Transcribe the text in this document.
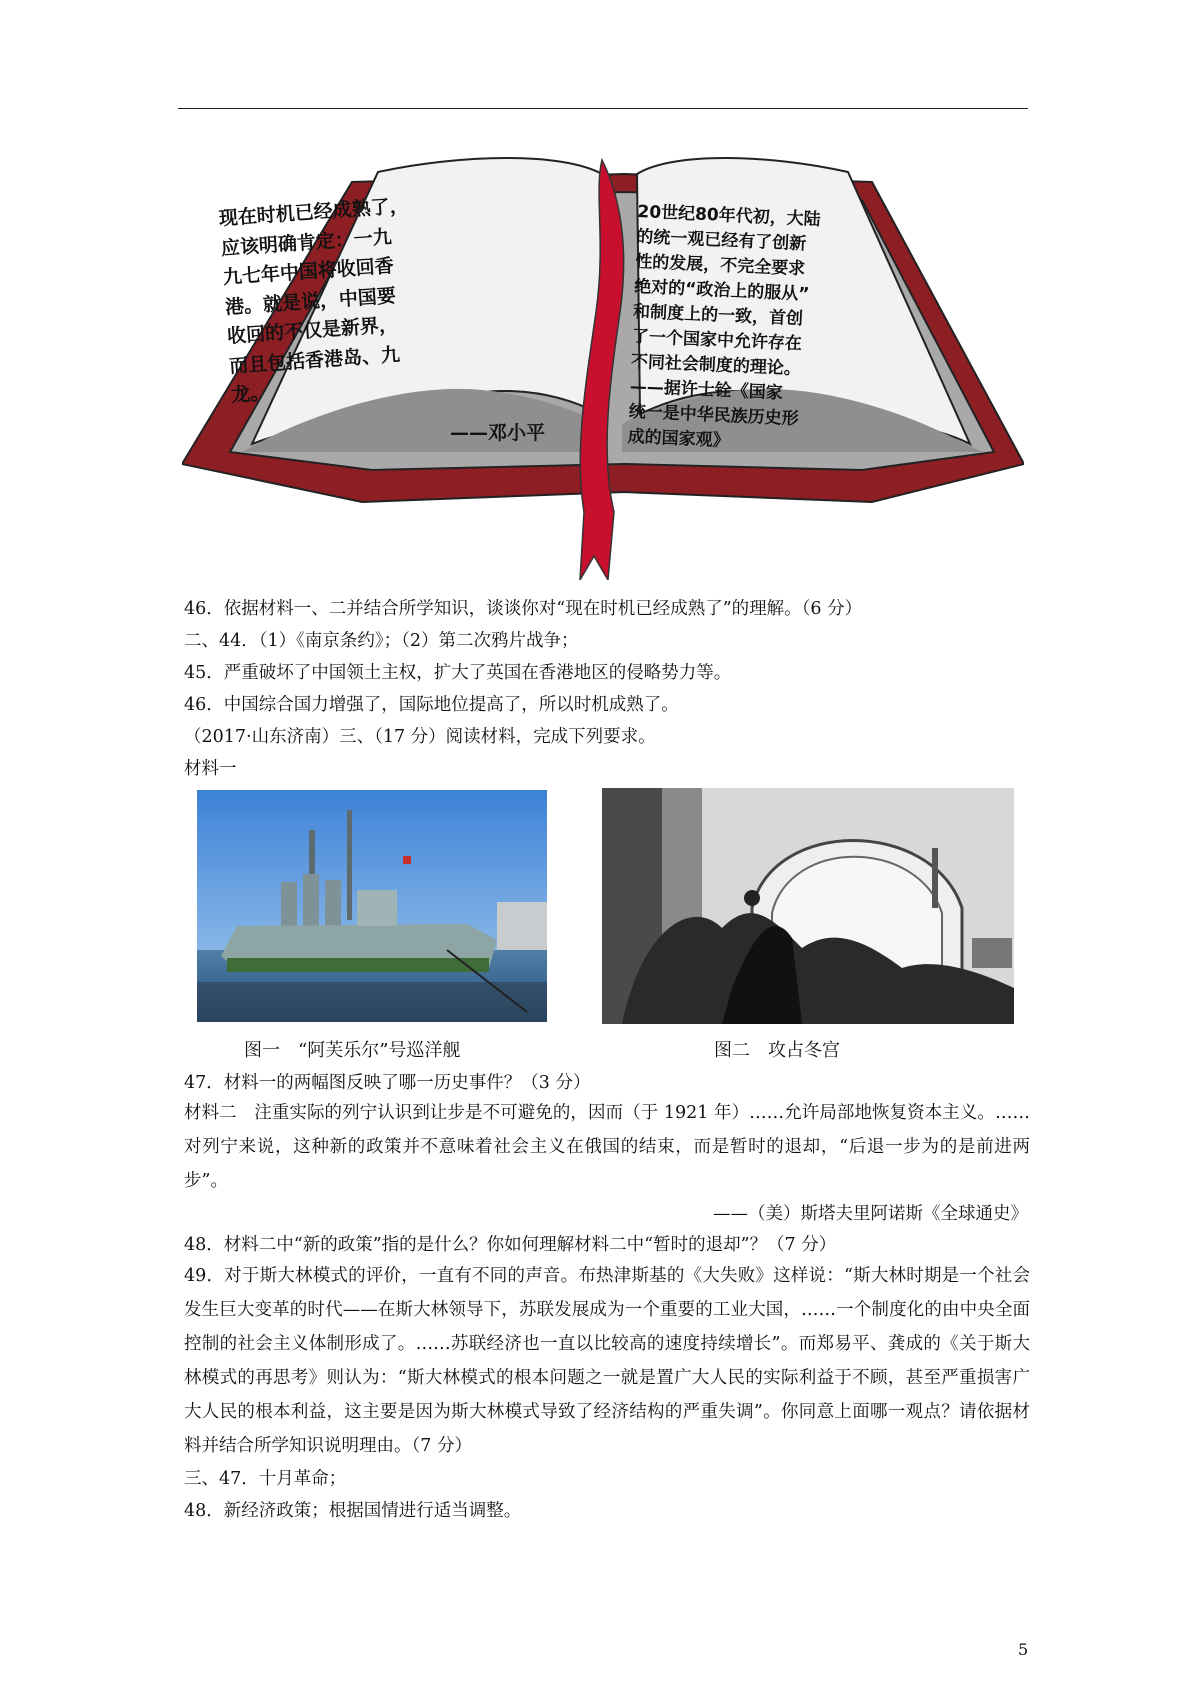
现在时机已经成熟了，
应该明确肯定：一九
九七年中国将收回香
港。就是说，中国要
收回的不仅是新界，
而且包括香港岛、九
龙。
——邓小平
20世纪80年代初，大陆
的统一观已经有了创新
性的发展，不完全要求
绝对的“政治上的服从”
和制度上的一致，首创
了一个国家中允许存在
不同社会制度的理论。
——据许士铨《国家
统一是中华民族历史形
成的国家观》
46．依据材料一、二并结合所学知识，谈谈你对“现在时机已经成熟了”的理解。（6 分）
二、44．（1）《南京条约》；（2）第二次鸦片战争；
45．严重破坏了中国领土主权，扩大了英国在香港地区的侵略势力等。
46．中国综合国力增强了，国际地位提高了，所以时机成熟了。
（2017·山东济南）三、（17 分）阅读材料，完成下列要求。
材料一
图一　“阿芙乐尔”号巡洋舰	图二　攻占冬宫
47．材料一的两幅图反映了哪一历史事件？（3 分）
材料二　注重实际的列宁认识到让步是不可避免的，因而（于 1921 年）……允许局部地恢复资本主义。……对列宁来说，这种新的政策并不意味着社会主义在俄国的结束，而是暂时的退却，“后退一步为的是前进两步”。
——（美）斯塔夫里阿诺斯《全球通史》
48．材料二中“新的政策”指的是什么？你如何理解材料二中“暂时的退却”？（7 分）
49．对于斯大林模式的评价，一直有不同的声音。布热津斯基的《大失败》这样说：“斯大林时期是一个社会发生巨大变革的时代——在斯大林领导下，苏联发展成为一个重要的工业大国，……一个制度化的由中央全面控制的社会主义体制形成了。……苏联经济也一直以比较高的速度持续增长”。而郑易平、龚成的《关于斯大林模式的再思考》则认为：“斯大林模式的根本问题之一就是置广大人民的实际利益于不顾，甚至严重损害广大人民的根本利益，这主要是因为斯大林模式导致了经济结构的严重失调”。你同意上面哪一观点？请依据材料并结合所学知识说明理由。（7 分）
三、47．十月革命；
48．新经济政策；根据国情进行适当调整。
5
